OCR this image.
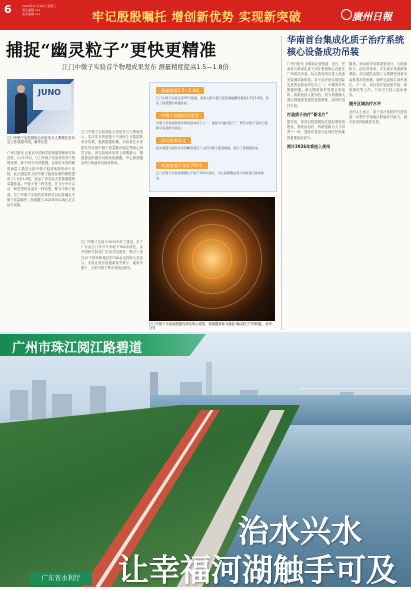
6	2025年11月26日 星期三
责任编辑 xxx
美术编辑 xxx	牢记殷殷嘱托 增创新优势 实现新突破	廣州日報
捕捉“幽灵粒子”更快更精准
江门中微子实验首个物理成果发布 测量精度提高1.5—1.8倍
JUNO
江门中微子实验国际合作组发言人曹俊在发布会上作成果介绍。新华社发
广州日报讯 记者从中国科学院高能物理研究所获悉，11月19日，江门中微子实验发布首个物理成果：基于59天有效数据，以前所未有的精度测量了描述太阳中微子振荡现象的两个参数。此次测量将太阳中微子振荡参数的精度提高了1.5至1.8倍，验证了该实验大型探测器的卓越性能。中微子有三种类型，在飞行中可以从一种类型转变成另一种类型，称为中微子振荡。江门中微子实验的首要科学目标是确定中微子质量顺序，探测器于2025年8月26日正式运行取数。
江门中微子实验国际合作组发言人曹俊表示，本次发布的是基于不到两个月数据的初步结果，随着数据积累，实验将在未来数年内实现中微子质量顺序测定等核心科学目标。该实验拥有世界上规模最大、精度最高的液体闪烁体探测器，中心探测器由两万吨液体闪烁体构成。
测量精度1.5—1.8倍
江门中微子实验仅用59天数据，就将太阳中微子振荡参数精度提高1.5至1.8倍，验证了探测器的卓越性能。
中微子探测何以重要
中微子是构成物质世界的基本粒子之一，被称为“幽灵粒子”，研究中微子有助于理解宇宙起源与演化。
研究成果意义
此次测量以前所未有的精度验证了太阳中微子振荡参数，展示了探测器性能。
探测器地下深处700米
江门中微子实验探测器位于地下700米深处，中心探测器由两万吨液体闪烁体构成。
江门中微子实验探测器内部结构示意图，探测器被称为捕捉“幽灵粒子”的利器。 新华社发
江门中微子实验于2015年开工建设，位于广东省江门市开平市地下700米深处，由中国科学院和广东省共同建设，吸引了来自17个国家和地区的700余名科研人员参与。实验还将开展超新星中微子、地球中微子、太阳中微子等多项前沿研究。
华南首台集成化质子治疗系统核心设备成功吊装
广州日报讯 全媒体记者报道：近日，华南首台集成化质子治疗系统核心设备在广州成功吊装，标志着该项目进入设备安装调试新阶段。质子治疗是目前国际先进的放射治疗技术之一，可精准杀伤肿瘤细胞，最大限度保护周围正常组织。该系统投入使用后，将为粤港澳大湾区肿瘤患者提供更加精准、高效的治疗手段。
打造质子治疗“新名片”
据介绍，该项目按照国际先进标准规划建设，集临床治疗、科研创新与人才培养于一体，建成后将成为区域医疗高地的重要组成部分。
预计2026年将投入使用
据悉，该设备采用紧凑型设计，占地面积小，治疗效率高，可实现多角度精准照射。项目团队克服了大型精密设备吊装难度高等困难，顺利完成核心部件就位。下一步，项目将开展设备安装、系统调试等工作，力争早日投入临床使用。
提升区域治疗水平
业内人士表示，质子治疗系统的引进将进一步提升华南地区肿瘤诊疗能力，减少患者异地就医负担。
广州市珠江阅江路碧道
治水兴水
让幸福河湖触手可及
广东省水利厅
